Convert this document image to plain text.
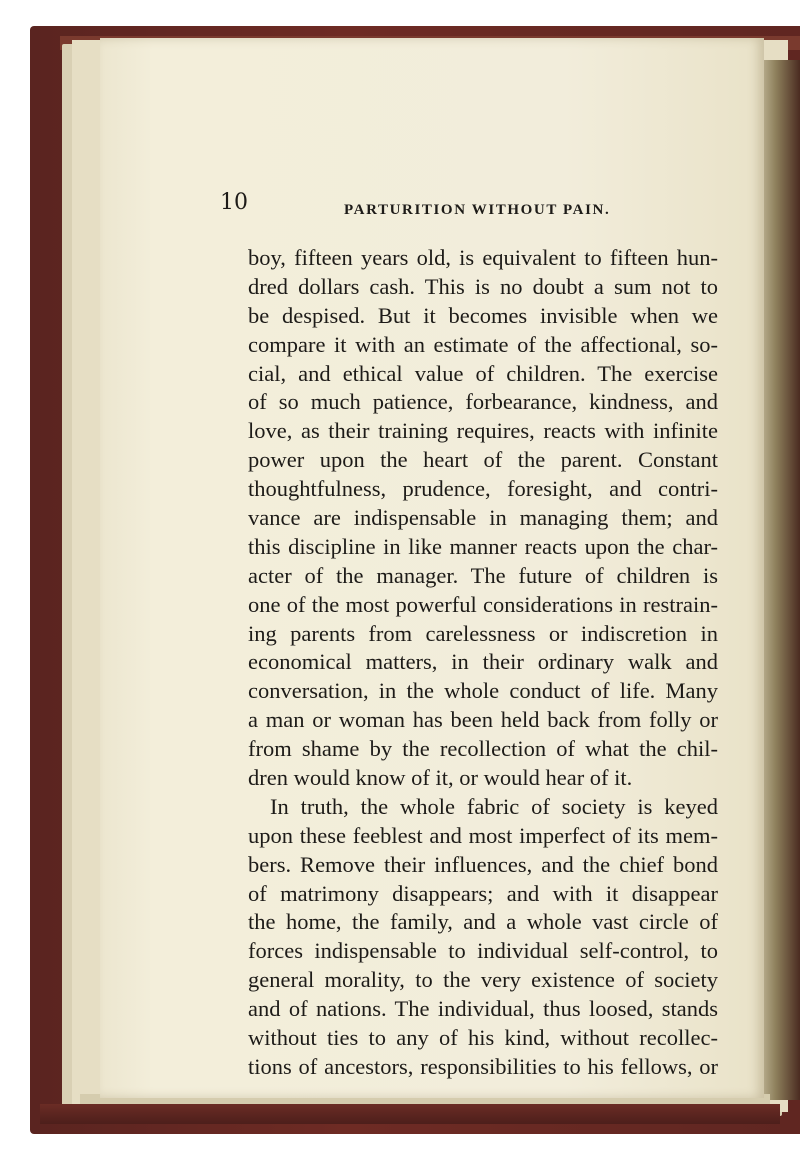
10	PARTURITION WITHOUT PAIN.
boy, fifteen years old, is equivalent to fifteen hun-
dred dollars cash. This is no doubt a sum not to
be despised. But it becomes invisible when we
compare it with an estimate of the affectional, so-
cial, and ethical value of children. The exercise
of so much patience, forbearance, kindness, and
love, as their training requires, reacts with infinite
power upon the heart of the parent. Constant
thoughtfulness, prudence, foresight, and contri-
vance are indispensable in managing them; and
this discipline in like manner reacts upon the char-
acter of the manager. The future of children is
one of the most powerful considerations in restrain-
ing parents from carelessness or indiscretion in
economical matters, in their ordinary walk and
conversation, in the whole conduct of life. Many
a man or woman has been held back from folly or
from shame by the recollection of what the chil-
dren would know of it, or would hear of it.
In truth, the whole fabric of society is keyed
upon these feeblest and most imperfect of its mem-
bers. Remove their influences, and the chief bond
of matrimony disappears; and with it disappear
the home, the family, and a whole vast circle of
forces indispensable to individual self-control, to
general morality, to the very existence of society
and of nations. The individual, thus loosed, stands
without ties to any of his kind, without recollec-
tions of ancestors, responsibilities to his fellows, or
